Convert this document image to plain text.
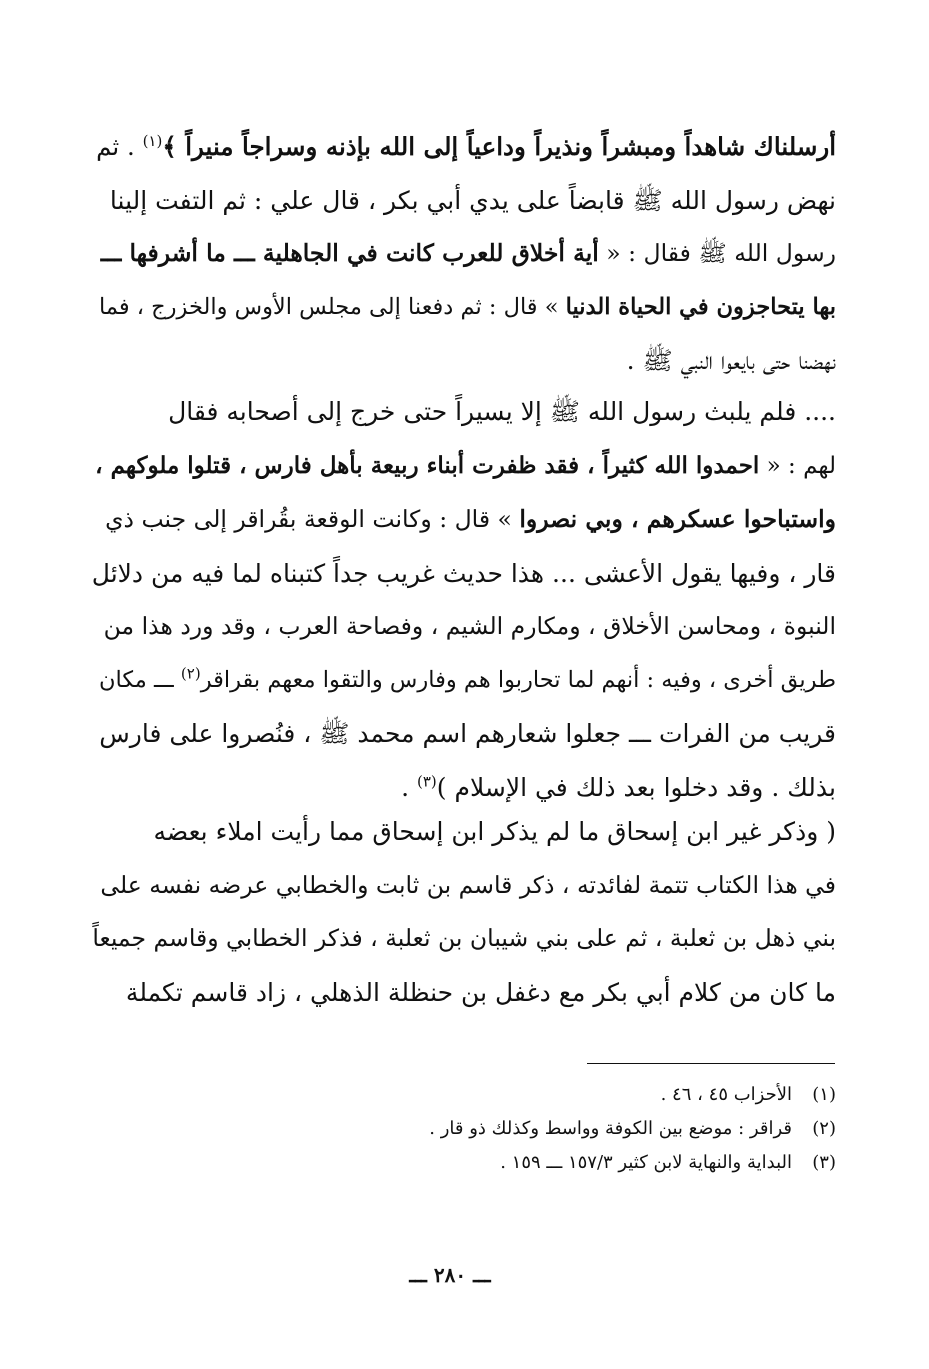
أرسلناك شاهداً ومبشراً ونذيراً وداعياً إلى الله بإذنه وسراجاً منيراً ﴾$^{(١)}$ . ثم
نهض رسول الله ﷺ قابضاً على يدي أبي بكر ، قال علي : ثم التفت إلينا
رسول الله ﷺ فقال : « أية أخلاق للعرب كانت في الجاهلية ـــ ما أشرفها ـــ
بها يتحاجزون في الحياة الدنيا » قال : ثم دفعنا إلى مجلس الأوس والخزرج ، فما
نهضنا حتى بايعوا النبي ﷺ .
.... فلم يلبث رسول الله ﷺ إلا يسيراً حتى خرج إلى أصحابه فقال
لهم : « احمدوا الله كثيراً ، فقد ظفرت أبناء ربيعة بأهل فارس ، قتلوا ملوكهم ،
واستباحوا عسكرهم ، وبي نصروا » قال : وكانت الوقعة بقُراقر إلى جنب ذي
قار ، وفيها يقول الأعشى ... هذا حديث غريب جداً كتبناه لما فيه من دلائل
النبوة ، ومحاسن الأخلاق ، ومكارم الشيم ، وفصاحة العرب ، وقد ورد هذا من
طريق أخرى ، وفيه : أنهم لما تحاربوا هم وفارس والتقوا معهم بقراقر$^{(٢)}$ ـــ مكان
قريب من الفرات ـــ جعلوا شعارهم اسم محمد ﷺ ، فنُصروا على فارس
بذلك . وقد دخلوا بعد ذلك في الإسلام )$^{(٣)}$ .
( وذكر غير ابن إسحاق ما لم يذكر ابن إسحاق مما رأيت املاء بعضه
في هذا الكتاب تتمة لفائدته ، ذكر قاسم بن ثابت والخطابي عرضه نفسه على
بني ذهل بن ثعلبة ، ثم على بني شيبان بن ثعلبة ، فذكر الخطابي وقاسم جميعاً
ما كان من كلام أبي بكر مع دغفل بن حنظلة الذهلي ، زاد قاسم تكملة
(١)الأحزاب ٤٥ ، ٤٦ .
(٢)قراقر : موضع بين الكوفة وواسط وكذلك ذو قار .
(٣)البداية والنهاية لابن كثير ١٥٧/٣ ـــ ١٥٩ .
ـــ ٢٨٠ ـــ
